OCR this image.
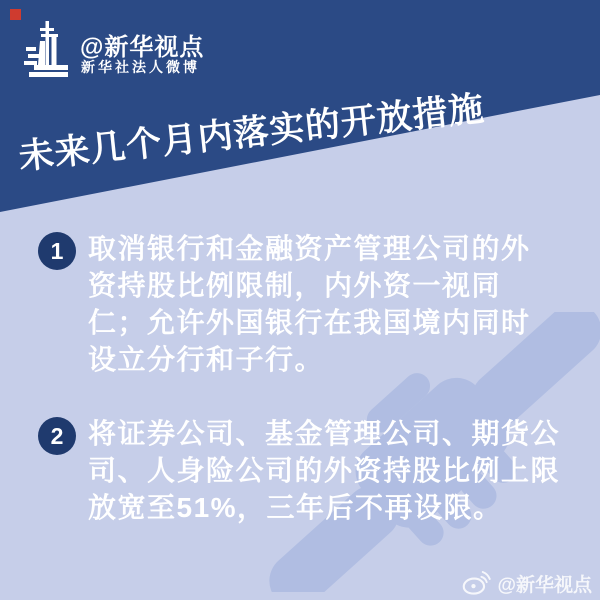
@新华视点
新华社法人微博
未来几个月内落实的开放措施
1 取消银行和金融资产管理公司的外
资持股比例限制，内外资一视同
仁；允许外国银行在我国境内同时
设立分行和子行。
2 将证券公司、基金管理公司、期货公
司、人身险公司的外资持股比例上限
放宽至51%，三年后不再设限。
@新华视点
